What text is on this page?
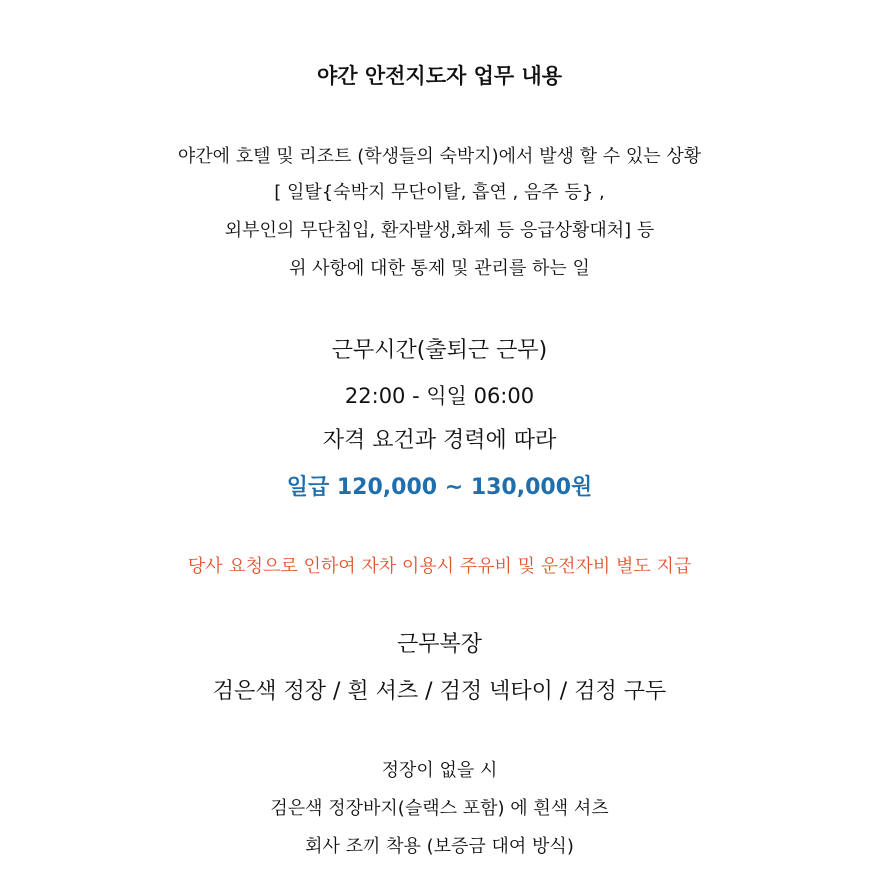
야간 안전지도자 업무 내용
야간에 호텔 및 리조트 (학생들의 숙박지)에서 발생 할 수 있는 상황
[ 일탈{숙박지 무단이탈, 흡연 , 음주 등} ,
외부인의 무단침입, 환자발생,화제 등 응급상황대처] 등
위 사항에 대한 통제 및 관리를 하는 일
근무시간(출퇴근 근무)
22:00 - 익일 06:00
자격 요건과 경력에 따라
일급 120,000 ~ 130,000원
당사 요청으로 인하여 자차 이용시 주유비 및 운전자비 별도 지급
근무복장
검은색 정장 / 흰 셔츠 / 검정 넥타이 / 검정 구두
정장이 없을 시
검은색 정장바지(슬랙스 포함) 에 흰색 셔츠
회사 조끼 착용 (보증금 대여 방식)
